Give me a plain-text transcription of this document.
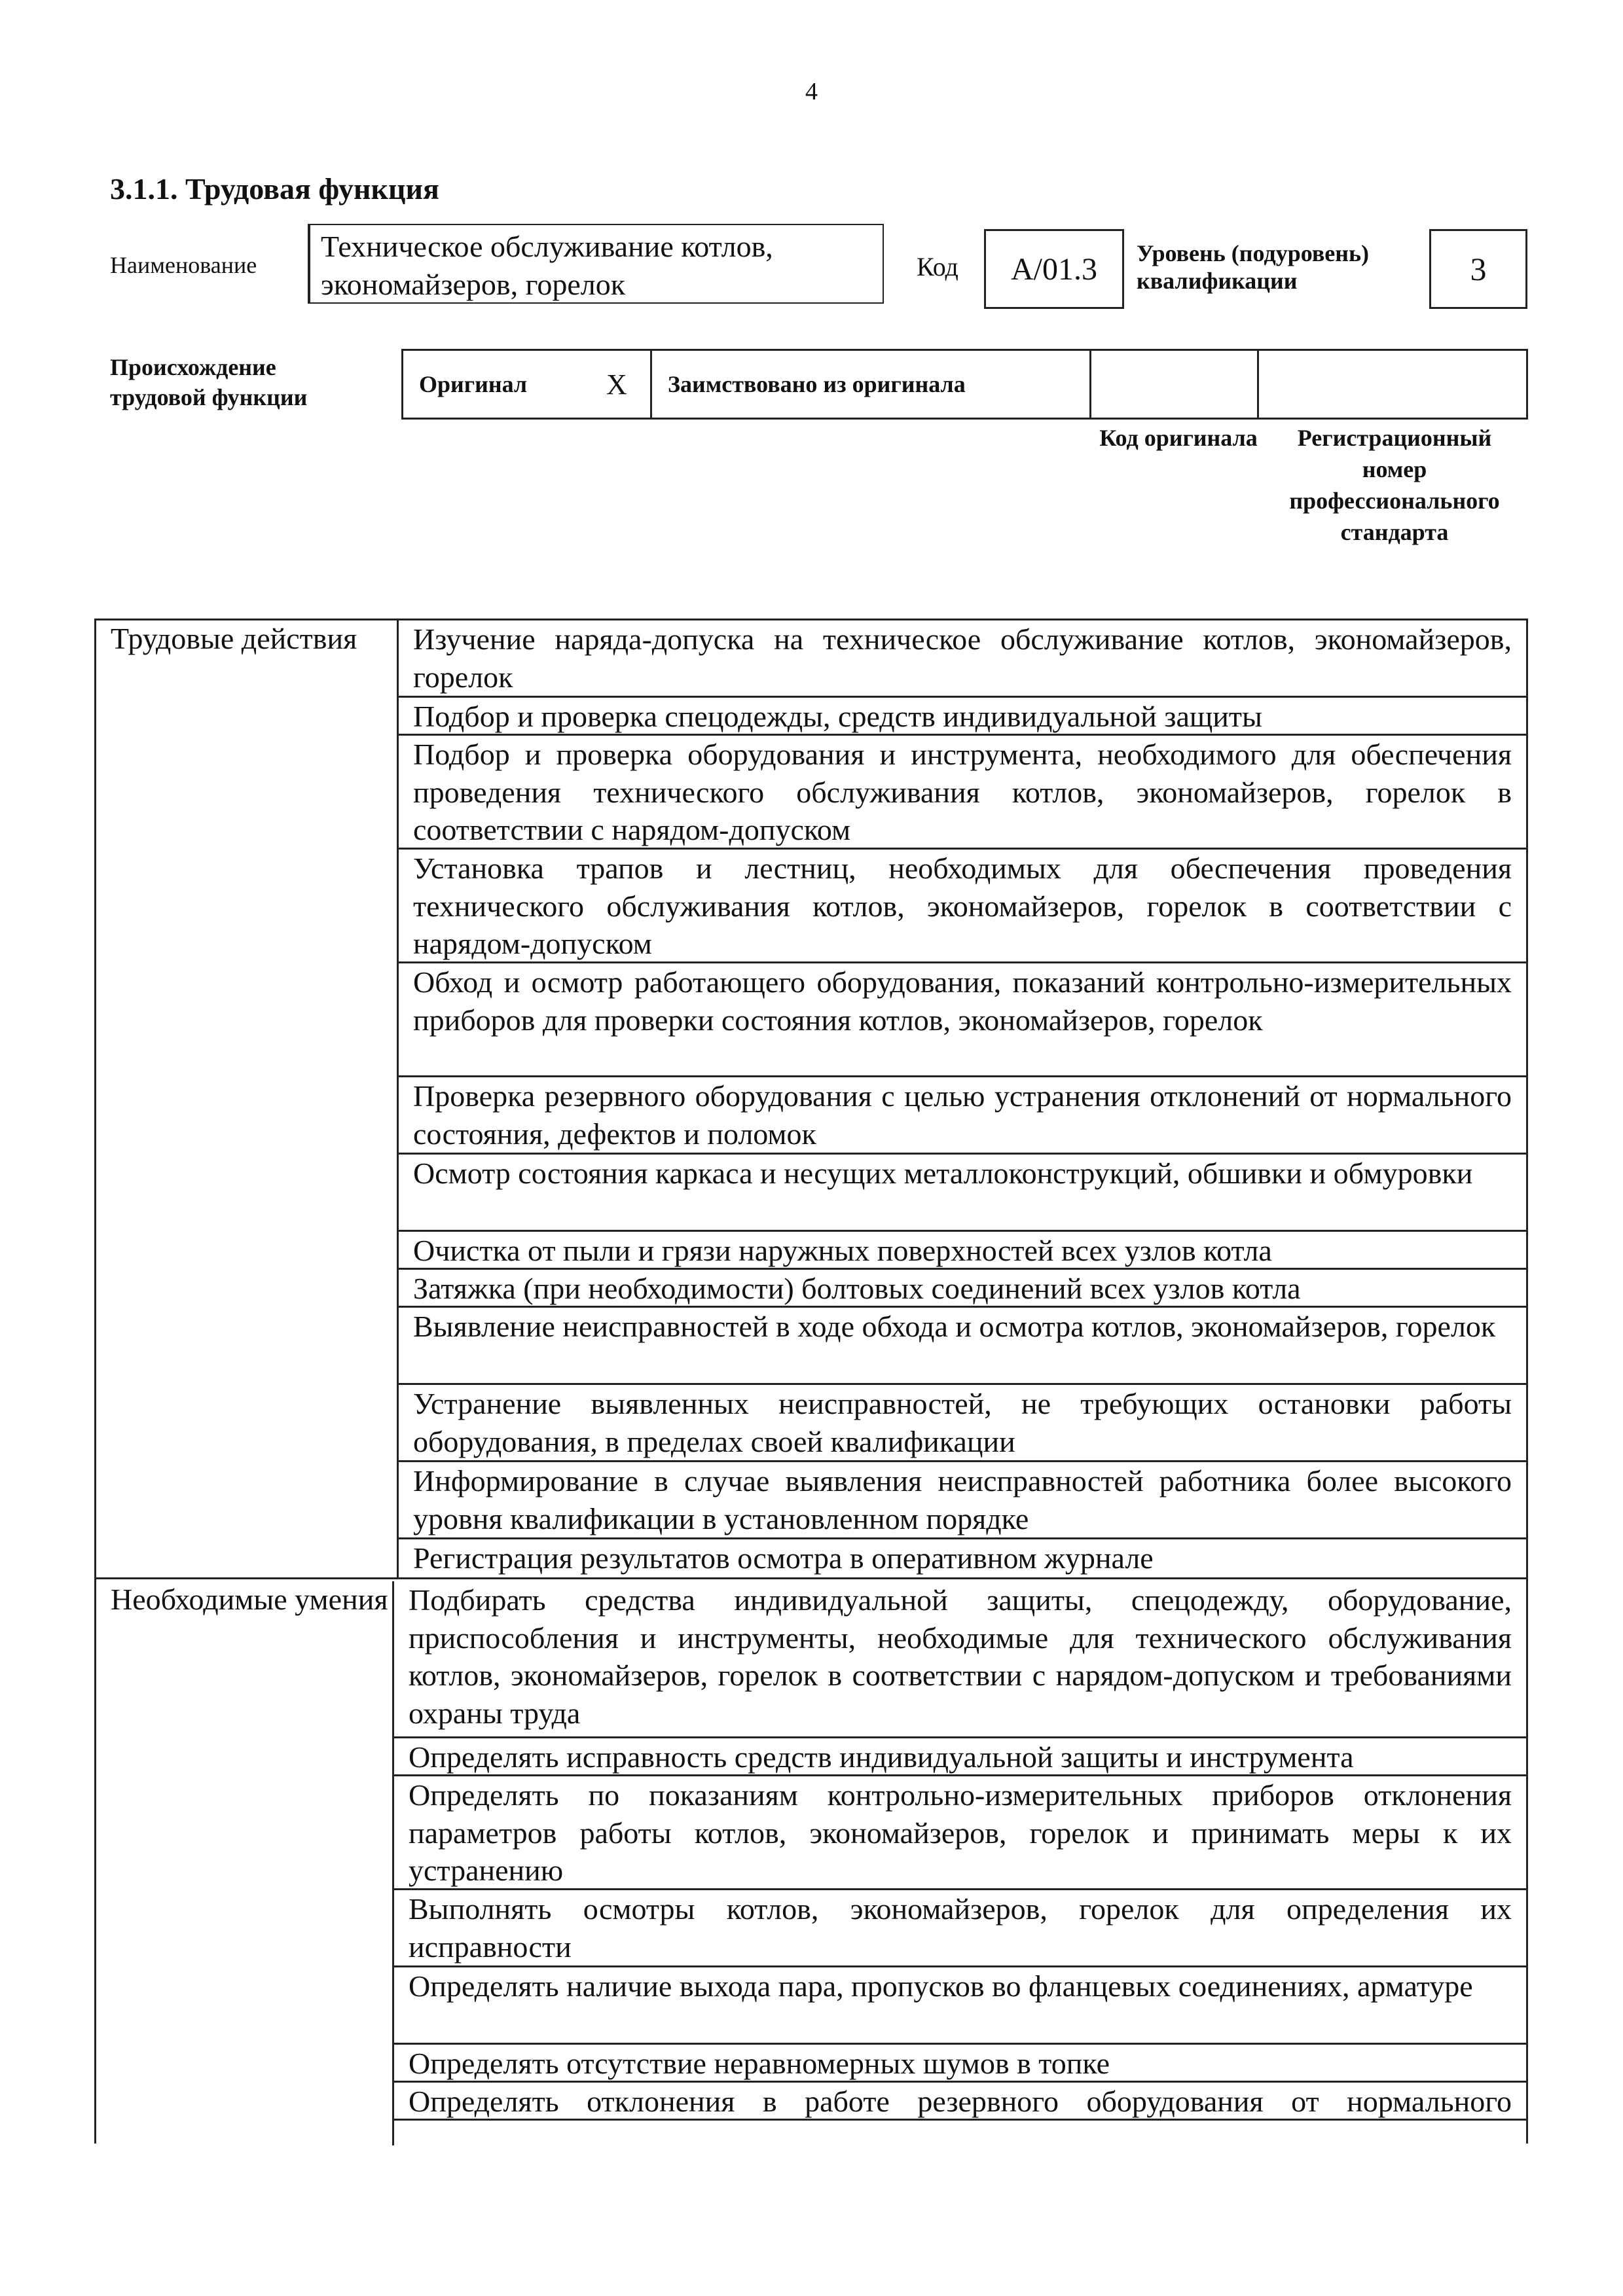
4
3.1.1. Трудовая функция
Наименование
Техническое обслуживание котлов, экономайзеров, горелок
Код	A/01.3	Уровень (подуровень) квалификации	3
Происхождение трудовой функции	Оригинал	X Заимствовано из оригинала
Код оригинала	Регистрационный номер профессионального стандарта
Трудовые действия	Изучение наряда-допуска на техническое обслуживание котлов, экономайзеров, горелок
Подбор и проверка спецодежды, средств индивидуальной защиты
Подбор и проверка оборудования и инструмента, необходимого для обеспечения проведения технического обслуживания котлов, экономайзеров, горелок в соответствии с нарядом-допуском
Установка трапов и лестниц, необходимых для обеспечения проведения технического обслуживания котлов, экономайзеров, горелок в соответствии с нарядом-допуском
Обход и осмотр работающего оборудования, показаний контрольно-измерительных приборов для проверки состояния котлов, экономайзеров, горелок
Проверка резервного оборудования с целью устранения отклонений от нормального состояния, дефектов и поломок
Осмотр состояния каркаса и несущих металлоконструкций, обшивки и обмуровки
Очистка от пыли и грязи наружных поверхностей всех узлов котла
Затяжка (при необходимости) болтовых соединений всех узлов котла
Выявление неисправностей в ходе обхода и осмотра котлов, экономайзеров, горелок
Устранение выявленных неисправностей, не требующих остановки работы оборудования, в пределах своей квалификации
Информирование в случае выявления неисправностей работника более высокого уровня квалификации в установленном порядке
Регистрация результатов осмотра в оперативном журнале
Необходимые умения Подбирать средства индивидуальной защиты, спецодежду, оборудование, приспособления и инструменты, необходимые для технического обслуживания котлов, экономайзеров, горелок в соответствии с нарядом-допуском и требованиями охраны труда
Определять исправность средств индивидуальной защиты и инструмента
Определять по показаниям контрольно-измерительных приборов отклонения параметров работы котлов, экономайзеров, горелок и принимать меры к их устранению
Выполнять осмотры котлов, экономайзеров, горелок для определения их исправности
Определять наличие выхода пара, пропусков во фланцевых соединениях, арматуре
Определять отсутствие неравномерных шумов в топке
Определять отклонения в работе резервного оборудования от нормального
